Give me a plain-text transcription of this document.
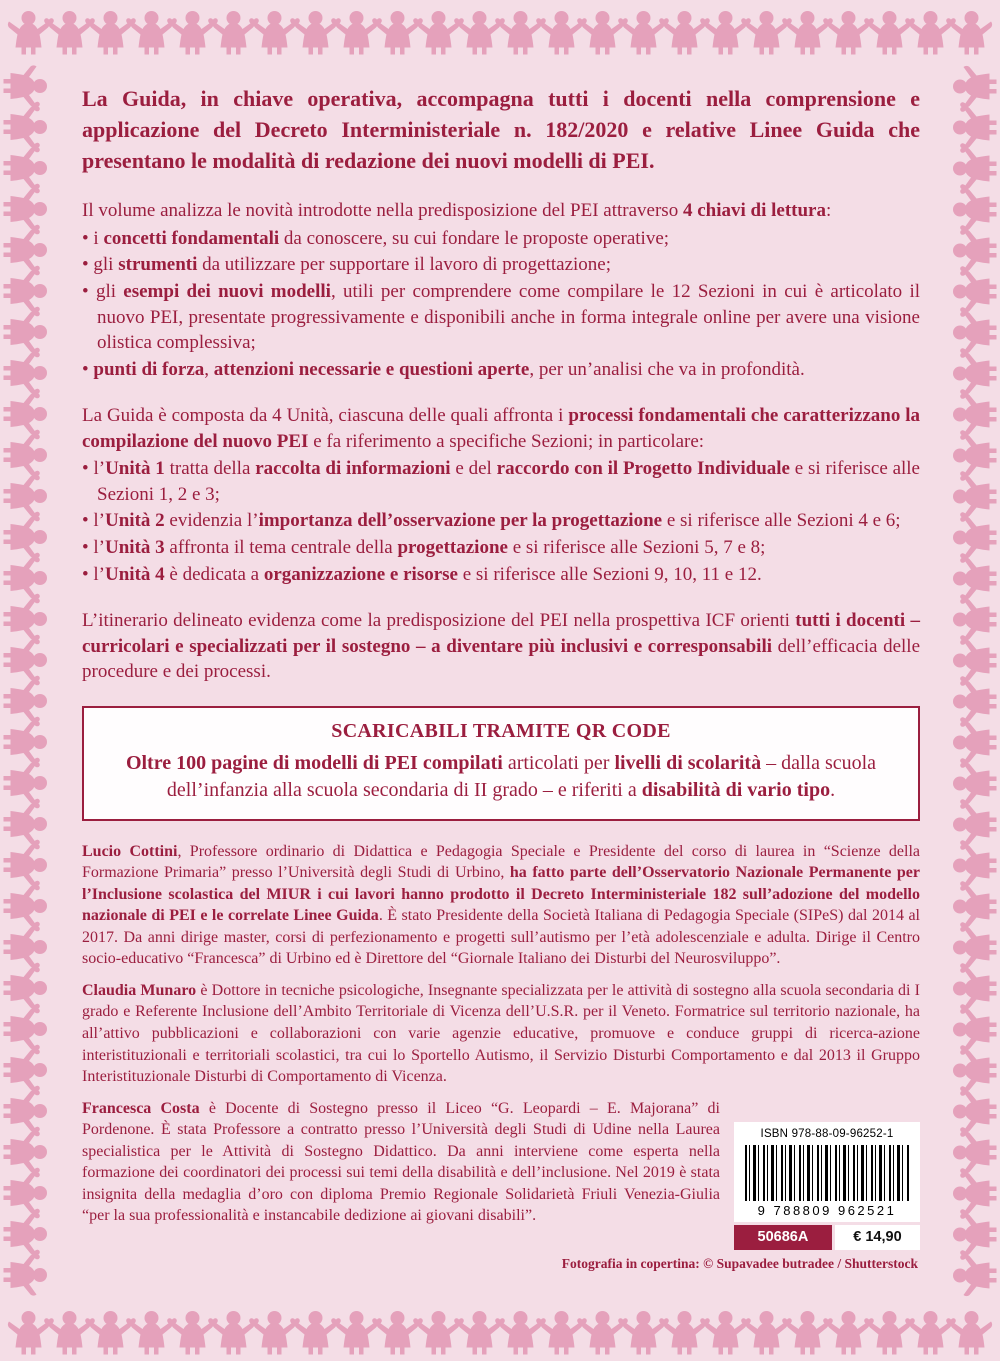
La Guida, in chiave operativa, accompagna tutti i docenti nella comprensione e applicazione del Decreto Interministeriale n. 182/2020 e relative Linee Guida che presentano le modalità di redazione dei nuovi modelli di PEI.

Il volume analizza le novità introdotte nella predisposizione del PEI attraverso 4 chiavi di lettura:

• i concetti fondamentali da conoscere, su cui fondare le proposte operative;

• gli strumenti da utilizzare per supportare il lavoro di progettazione;

• gli esempi dei nuovi modelli, utili per comprendere come compilare le 12 Sezioni in cui è articolato il nuovo PEI, presentate progressivamente e disponibili anche in forma integrale online per avere una visione olistica complessiva;

• punti di forza, attenzioni necessarie e questioni aperte, per un’analisi che va in profondità.

La Guida è composta da 4 Unità, ciascuna delle quali affronta i processi fondamentali che caratterizzano la compilazione del nuovo PEI e fa riferimento a specifiche Sezioni; in particolare:

• l’Unità 1 tratta della raccolta di informazioni e del raccordo con il Progetto Individuale e si riferisce alle Sezioni 1, 2 e 3;

• l’Unità 2 evidenzia l’importanza dell’osservazione per la progettazione e si riferisce alle Sezioni 4 e 6;

• l’Unità 3 affronta il tema centrale della progettazione e si riferisce alle Sezioni 5, 7 e 8;

• l’Unità 4 è dedicata a organizzazione e risorse e si riferisce alle Sezioni 9, 10, 11 e 12.

L’itinerario delineato evidenza come la predisposizione del PEI nella prospettiva ICF orienti tutti i docenti – curricolari e specializzati per il sostegno – a diventare più inclusivi e corresponsabili dell’efficacia delle procedure e dei processi.

SCARICABILI TRAMITE QR CODE

Oltre 100 pagine di modelli di PEI compilati articolati per livelli di scolarità – dalla scuola dell’infanzia alla scuola secondaria di II grado – e riferiti a disabilità di vario tipo.

Lucio Cottini, Professore ordinario di Didattica e Pedagogia Speciale e Presidente del corso di laurea in “Scienze della Formazione Primaria” presso l’Università degli Studi di Urbino, ha fatto parte dell’Osservatorio Nazionale Permanente per l’Inclusione scolastica del MIUR i cui lavori hanno prodotto il Decreto Interministeriale 182 sull’adozione del modello nazionale di PEI e le correlate Linee Guida. È stato Presidente della Società Italiana di Pedagogia Speciale (SIPeS) dal 2014 al 2017. Da anni dirige master, corsi di perfezionamento e progetti sull’autismo per l’età adolescenziale e adulta. Dirige il Centro socio-educativo “Francesca” di Urbino ed è Direttore del “Giornale Italiano dei Disturbi del Neurosviluppo”.

Claudia Munaro è Dottore in tecniche psicologiche, Insegnante specializzata per le attività di sostegno alla scuola secondaria di I grado e Referente Inclusione dell’Ambito Territoriale di Vicenza dell’U.S.R. per il Veneto. Formatrice sul territorio nazionale, ha all’attivo pubblicazioni e collaborazioni con varie agenzie educative, promuove e conduce gruppi di ricerca-azione interistituzionali e territoriali scolastici, tra cui lo Sportello Autismo, il Servizio Disturbi Comportamento e dal 2013 il Gruppo Interistituzionale Disturbi di Comportamento di Vicenza.

ISBN 978-88-09-96252-1
9 788809 962521
50686A	€ 14,90

Francesca Costa è Docente di Sostegno presso il Liceo “G. Leopardi – E. Majorana” di Pordenone. È stata Professore a contratto presso l’Università degli Studi di Udine nella Laurea specialistica per le Attività di Sostegno Didattico. Da anni interviene come esperta nella formazione dei coordinatori dei processi sui temi della disabilità e dell’inclusione. Nel 2019 è stata insignita della medaglia d’oro con diploma Premio Regionale Solidarietà Friuli Venezia-Giulia “per la sua professionalità e instancabile dedizione ai giovani disabili”.

Fotografia in copertina: © Supavadee butradee / Shutterstock
